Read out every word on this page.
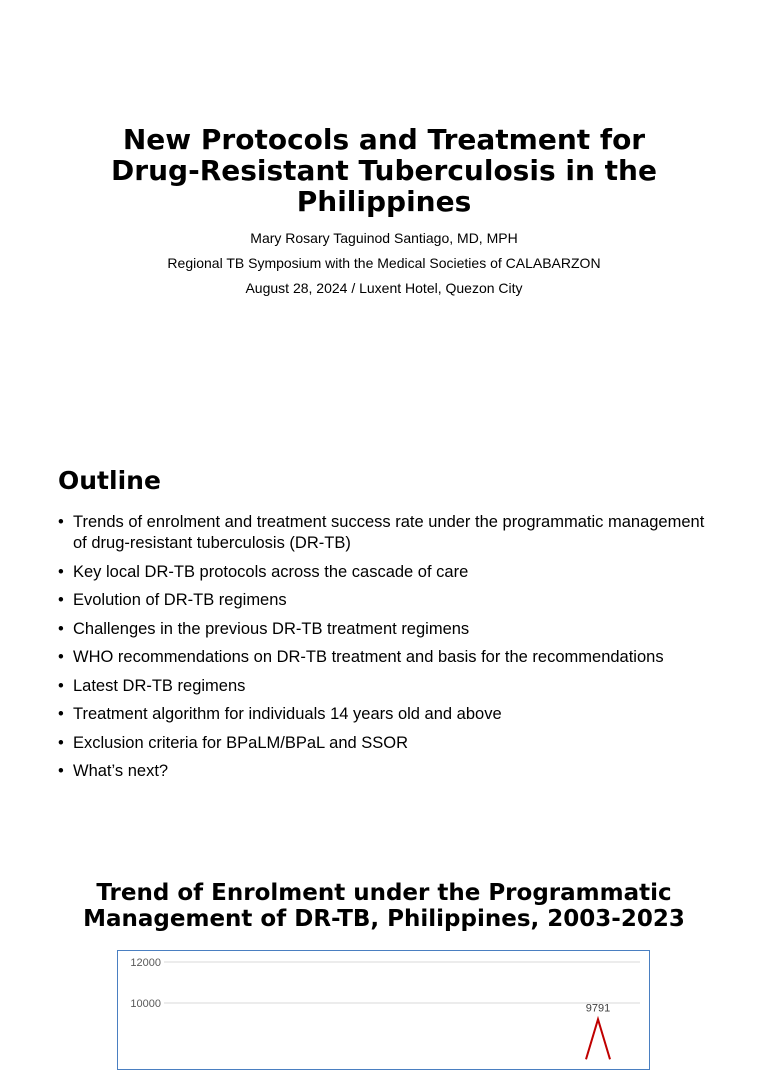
New Protocols and Treatment for
Drug-Resistant Tuberculosis in the
Philippines
Mary Rosary Taguinod Santiago, MD, MPH
Regional TB Symposium with the Medical Societies of CALABARZON
August 28, 2024 / Luxent Hotel, Quezon City
Outline
• Trends of enrolment and treatment success rate under the programmatic management of drug-resistant tuberculosis (DR-TB)
• Key local DR-TB protocols across the cascade of care
• Evolution of DR-TB regimens
• Challenges in the previous DR-TB treatment regimens
• WHO recommendations on DR-TB treatment and basis for the recommendations
• Latest DR-TB regimens
• Treatment algorithm for individuals 14 years old and above
• Exclusion criteria for BPaLM/BPaL and SSOR
• What’s next?
Trend of Enrolment under the Programmatic
Management of DR-TB, Philippines, 2003-2023
12000
10000	9791
